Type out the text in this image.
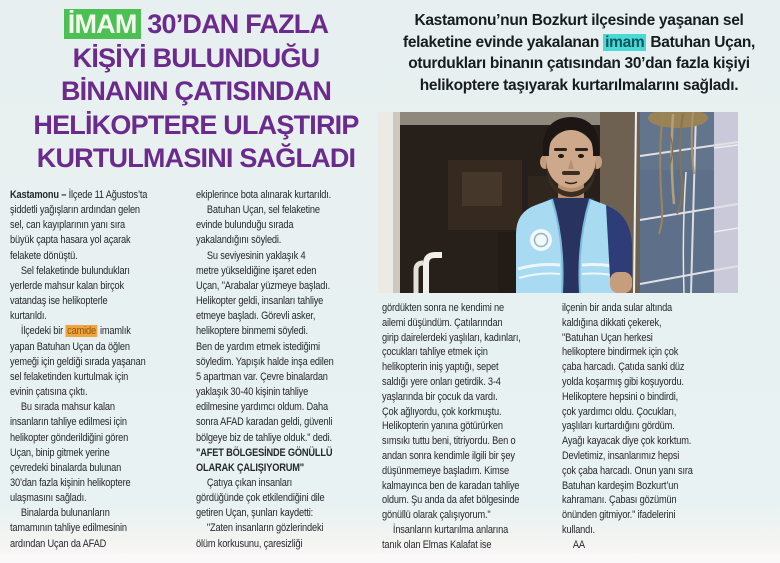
İMAM 30’DAN FAZLA
KİŞİYİ BULUNDUĞU
BİNANIN ÇATISINDAN
HELİKOPTERE ULAŞTIRIP
KURTULMASINI SAĞLADI
Kastamonu’nun Bozkurt ilçesinde yaşanan sel
felaketine evinde yakalanan imam Batuhan Uçan,
oturdukları binanın çatısından 30’dan fazla kişiyi
helikoptere taşıyarak kurtarılmalarını sağladı.
Kastamonu – İlçede 11 Ağustos’ta
şiddetli yağışların ardından gelen
sel, can kayıplarının yanı sıra
büyük çapta hasara yol açarak
felakete dönüştü.
Sel felaketinde bulundukları
yerlerde mahsur kalan birçok
vatandaş ise helikopterle
kurtarıldı.
İlçedeki bir camide imamlık
yapan Batuhan Uçan da öğlen
yemeği için geldiği sırada yaşanan
sel felaketinden kurtulmak için
evinin çatısına çıktı.
Bu sırada mahsur kalan
insanların tahliye edilmesi için
helikopter gönderildiğini gören
Uçan, binip gitmek yerine
çevredeki binalarda bulunan
30’dan fazla kişinin helikoptere
ulaşmasını sağladı.
Binalarda bulunanların
tamamının tahliye edilmesinin
ardından Uçan da AFAD
ekiplerince bota alınarak kurtarıldı.
Batuhan Uçan, sel felaketine
evinde bulunduğu sırada
yakalandığını söyledi.
Su seviyesinin yaklaşık 4
metre yükseldiğine işaret eden
Uçan, "Arabalar yüzmeye başladı.
Helikopter geldi, insanları tahliye
etmeye başladı. Görevli asker,
helikoptere binmemi söyledi.
Ben de yardım etmek istediğimi
söyledim. Yapışık halde inşa edilen
5 apartman var. Çevre binalardan
yaklaşık 30-40 kişinin tahliye
edilmesine yardımcı oldum. Daha
sonra AFAD karadan geldi, güvenli
bölgeye biz de tahliye olduk." dedi.
"AFET BÖLGESİNDE GÖNÜLLÜ
OLARAK ÇALIŞIYORUM"
Çatıya çıkan insanları
gördüğünde çok etkilendiğini dile
getiren Uçan, şunları kaydetti:
"Zaten insanların gözlerindeki
ölüm korkusunu, çaresizliği
gördükten sonra ne kendimi ne
ailemi düşündüm. Çatılarından
girip dairelerdeki yaşlıları, kadınları,
çocukları tahliye etmek için
helikopterin iniş yaptığı, sepet
saldığı yere onları getirdik. 3-4
yaşlarında bir çocuk da vardı.
Çok ağlıyordu, çok korkmuştu.
Helikopterin yanına götürürken
sımsıkı tuttu beni, titriyordu. Ben o
andan sonra kendimle ilgili bir şey
düşünmemeye başladım. Kimse
kalmayınca ben de karadan tahliye
oldum. Şu anda da afet bölgesinde
gönüllü olarak çalışıyorum."
İnsanların kurtarılma anlarına
tanık olan Elmas Kalafat ise
ilçenin bir anda sular altında
kaldığına dikkati çekerek,
"Batuhan Uçan herkesi
helikoptere bindirmek için çok
çaba harcadı. Çatıda sanki düz
yolda koşarmış gibi koşuyordu.
Helikoptere hepsini o bindirdi,
çok yardımcı oldu. Çocukları,
yaşlıları kurtardığını gördüm.
Ayağı kayacak diye çok korktum.
Devletimiz, insanlarımız hepsi
çok çaba harcadı. Onun yanı sıra
Batuhan kardeşim Bozkurt’un
kahramanı. Çabası gözümün
önünden gitmiyor." ifadelerini
kullandı.
AA
